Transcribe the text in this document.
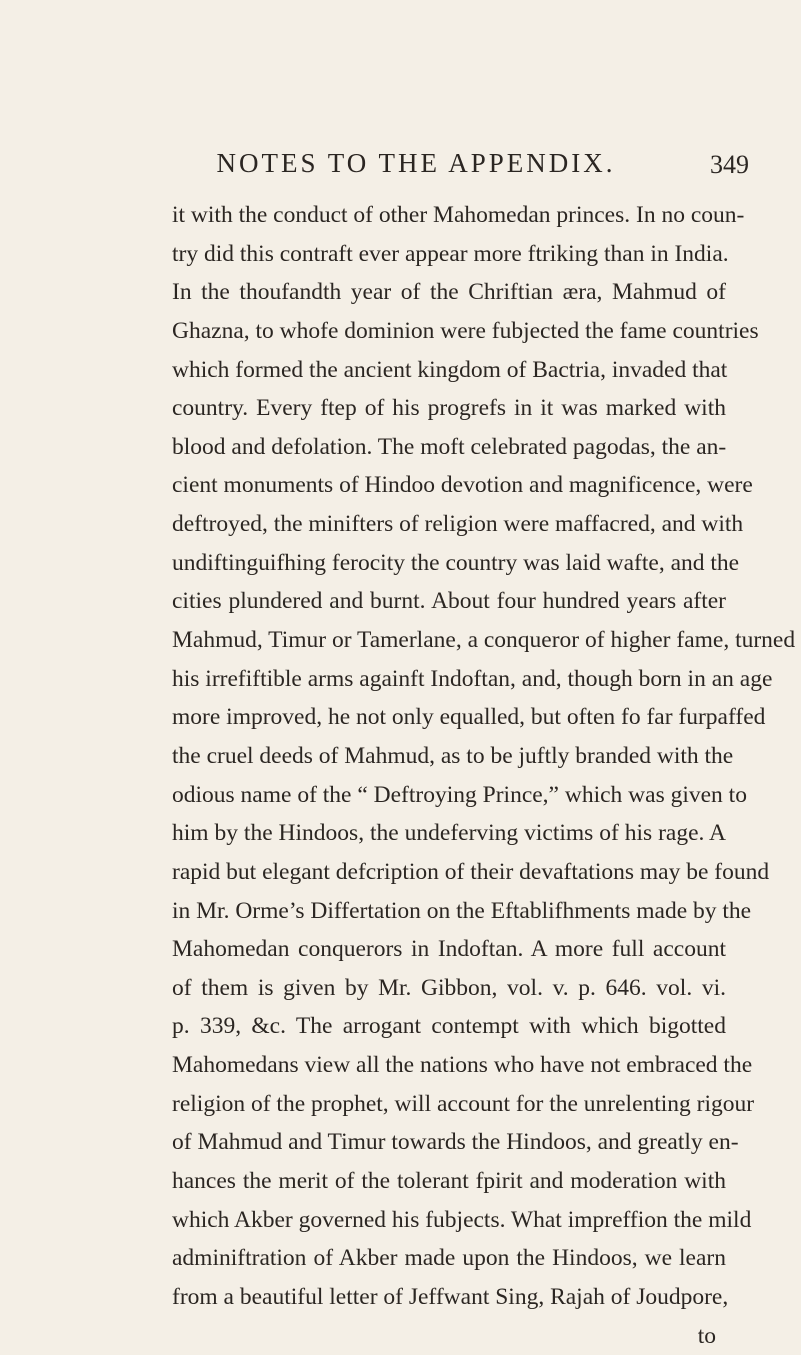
NOTES TO THE APPENDIX.	349
it with the conduct of other Mahomedan princes. In no coun-
try did this contraft ever appear more ftriking than in India.
In the thoufandth year of the Chriftian æra, Mahmud of
Ghazna, to whofe dominion were fubjected the fame countries
which formed the ancient kingdom of Bactria, invaded that
country. Every ftep of his progrefs in it was marked with
blood and defolation. The moft celebrated pagodas, the an-
cient monuments of Hindoo devotion and magnificence, were
deftroyed, the minifters of religion were maffacred, and with
undiftinguifhing ferocity the country was laid wafte, and the
cities plundered and burnt. About four hundred years after
Mahmud, Timur or Tamerlane, a conqueror of higher fame, turned
his irrefiftible arms againft Indoftan, and, though born in an age
more improved, he not only equalled, but often fo far furpaffed
the cruel deeds of Mahmud, as to be juftly branded with the
odious name of the “ Deftroying Prince,” which was given to
him by the Hindoos, the undeferving victims of his rage. A
rapid but elegant defcription of their devaftations may be found
in Mr. Orme’s Differtation on the Eftablifhments made by the
Mahomedan conquerors in Indoftan. A more full account
of them is given by Mr. Gibbon, vol. v. p. 646. vol. vi.
p. 339, &c. The arrogant contempt with which bigotted
Mahomedans view all the nations who have not embraced the
religion of the prophet, will account for the unrelenting rigour
of Mahmud and Timur towards the Hindoos, and greatly en-
hances the merit of the tolerant fpirit and moderation with
which Akber governed his fubjects. What impreffion the mild
adminiftration of Akber made upon the Hindoos, we learn
from a beautiful letter of Jeffwant Sing, Rajah of Joudpore,
to
